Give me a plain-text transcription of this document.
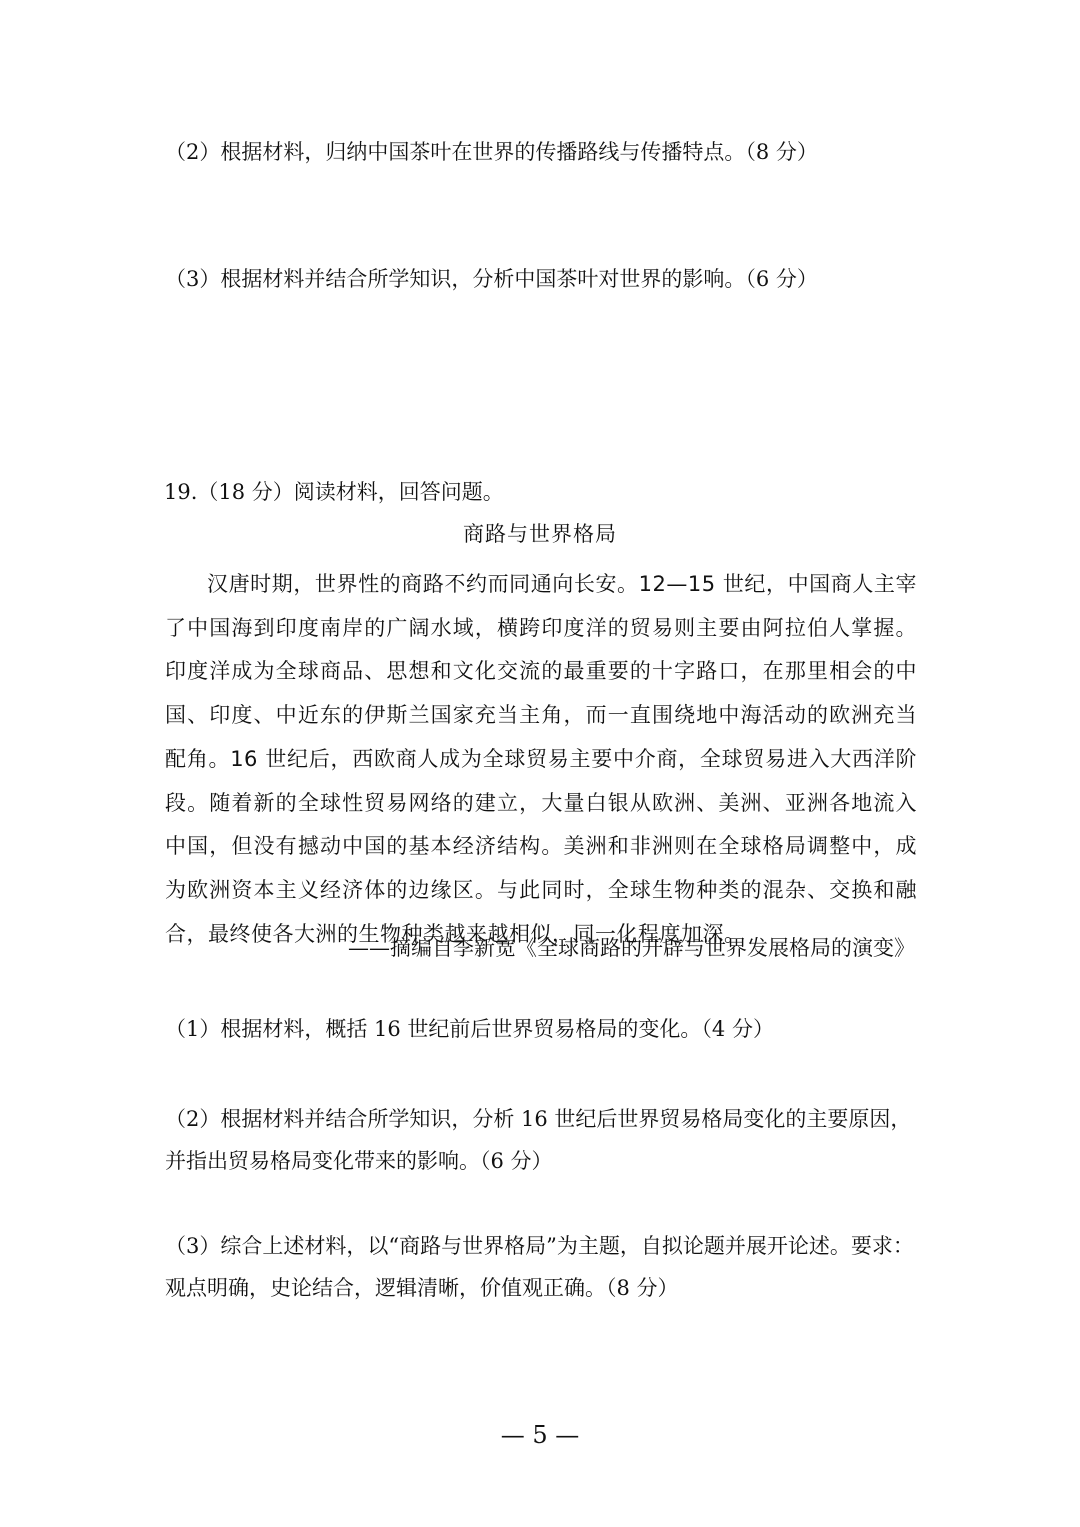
（2）根据材料，归纳中国茶叶在世界的传播路线与传播特点。（8 分）

（3）根据材料并结合所学知识，分析中国茶叶对世界的影响。（6 分）

19.（18 分）阅读材料，回答问题。

商路与世界格局

汉唐时期，世界性的商路不约而同通向长安。12—15 世纪，中国商人主宰了中国海到印度南岸的广阔水域，横跨印度洋的贸易则主要由阿拉伯人掌握。印度洋成为全球商品、思想和文化交流的最重要的十字路口，在那里相会的中国、印度、中近东的伊斯兰国家充当主角，而一直围绕地中海活动的欧洲充当配角。16 世纪后，西欧商人成为全球贸易主要中介商，全球贸易进入大西洋阶段。随着新的全球性贸易网络的建立，大量白银从欧洲、美洲、亚洲各地流入中国，但没有撼动中国的基本经济结构。美洲和非洲则在全球格局调整中，成为欧洲资本主义经济体的边缘区。与此同时，全球生物种类的混杂、交换和融合，最终使各大洲的生物种类越来越相似，同一化程度加深。

——摘编自李新宽《全球商路的开辟与世界发展格局的演变》

（1）根据材料，概括 16 世纪前后世界贸易格局的变化。（4 分）

（2）根据材料并结合所学知识，分析 16 世纪后世界贸易格局变化的主要原因，并指出贸易格局变化带来的影响。（6 分）

（3）综合上述材料，以“商路与世界格局”为主题，自拟论题并展开论述。要求：观点明确，史论结合，逻辑清晰，价值观正确。（8 分）

— 5 —
